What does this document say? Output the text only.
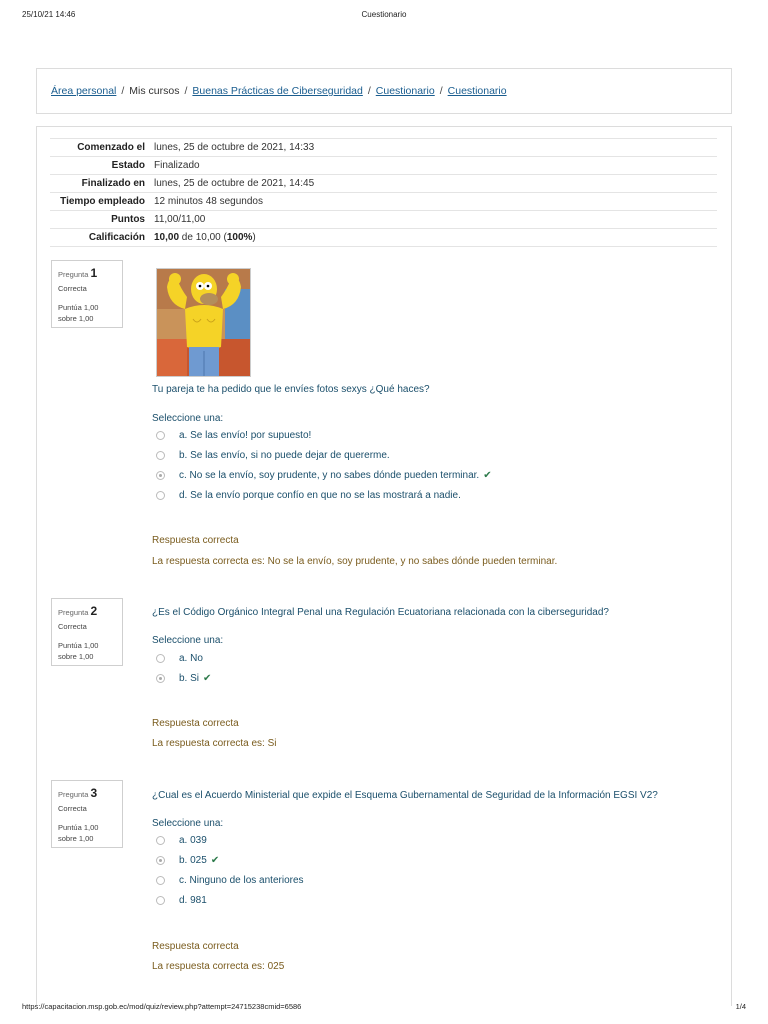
25/10/21 14:46	Cuestionario
Área personal / Mis cursos / Buenas Prácticas de Ciberseguridad / Cuestionario / Cuestionario
Comenzado el	lunes, 25 de octubre de 2021, 14:33
Estado	Finalizado
Finalizado en	lunes, 25 de octubre de 2021, 14:45
Tiempo empleado	12 minutos 48 segundos
Puntos	11,00/11,00
Calificación	10,00 de 10,00 (100%)
Pregunta 1
Correcta
Puntúa 1,00
sobre 1,00
Tu pareja te ha pedido que le envíes fotos sexys ¿Qué haces?
Seleccione una:
a. Se las envío! por supuesto!
b. Se las envío, si no puede dejar de quererme.
c. No se la envío, soy prudente, y no sabes dónde pueden terminar. ✔
d. Se la envío porque confío en que no se las mostrará a nadie.
Respuesta correcta
La respuesta correcta es: No se la envío, soy prudente, y no sabes dónde pueden terminar.
Pregunta 2
Correcta
Puntúa 1,00
sobre 1,00
¿Es el Código Orgánico Integral Penal una Regulación Ecuatoriana relacionada con la ciberseguridad?
Seleccione una:
a. No
b. Si ✔
Respuesta correcta
La respuesta correcta es: Si
Pregunta 3
Correcta
Puntúa 1,00
sobre 1,00
¿Cual es el Acuerdo Ministerial que expide el Esquema Gubernamental de Seguridad de la Información EGSI V2?
Seleccione una:
a. 039
b. 025 ✔
c. Ninguno de los anteriores
d. 981
Respuesta correcta
La respuesta correcta es: 025
https://capacitacion.msp.gob.ec/mod/quiz/review.php?attempt=24715238cmid=6586	1/4
